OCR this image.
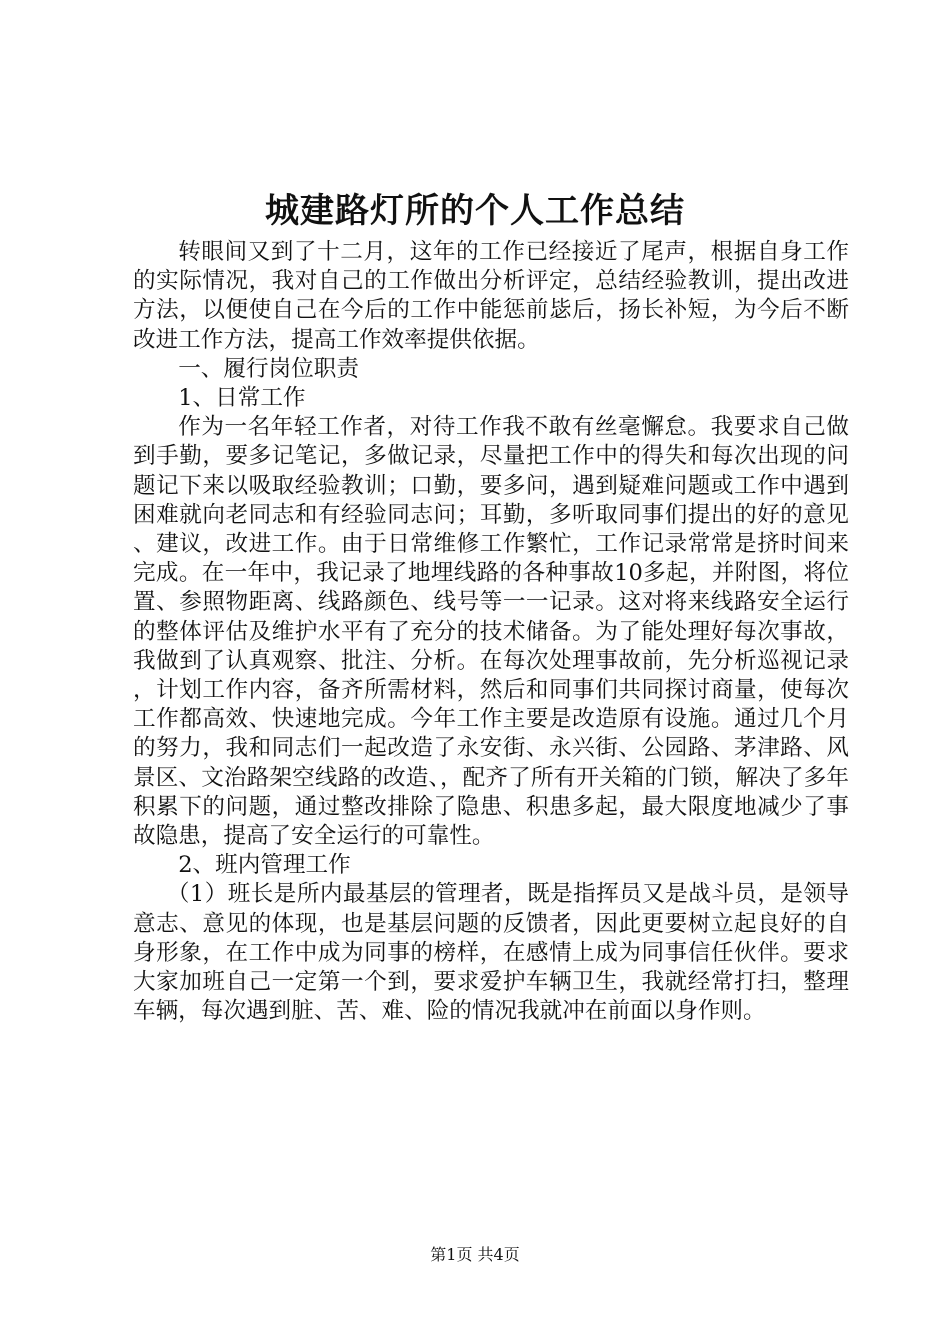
城建路灯所的个人工作总结

转眼间又到了十二月，这年的工作已经接近了尾声，根据自身工作的实际情况，我对自己的工作做出分析评定，总结经验教训，提出改进方法，以便使自己在今后的工作中能惩前毖后，扬长补短，为今后不断改进工作方法，提高工作效率提供依据。

一、履行岗位职责

1、日常工作

作为一名年轻工作者，对待工作我不敢有丝毫懈怠。我要求自己做到手勤，要多记笔记，多做记录，尽量把工作中的得失和每次出现的问题记下来以吸取经验教训；口勤，要多问，遇到疑难问题或工作中遇到困难就向老同志和有经验同志问；耳勤，多听取同事们提出的好的意见、建议，改进工作。由于日常维修工作繁忙，工作记录常常是挤时间来完成。在一年中，我记录了地埋线路的各种事故10多起，并附图，将位置、参照物距离、线路颜色、线号等一一记录。这对将来线路安全运行的整体评估及维护水平有了充分的技术储备。为了能处理好每次事故，我做到了认真观察、批注、分析。在每次处理事故前，先分析巡视记录，计划工作内容，备齐所需材料，然后和同事们共同探讨商量，使每次工作都高效、快速地完成。今年工作主要是改造原有设施。通过几个月的努力，我和同志们一起改造了永安街、永兴街、公园路、茅津路、风景区、文治路架空线路的改造、，配齐了所有开关箱的门锁，解决了多年积累下的问题，通过整改排除了隐患、积患多起，最大限度地减少了事故隐患，提高了安全运行的可靠性。

2、班内管理工作

（1）班长是所内最基层的管理者，既是指挥员又是战斗员，是领导意志、意见的体现，也是基层问题的反馈者，因此更要树立起良好的自身形象，在工作中成为同事的榜样，在感情上成为同事信任伙伴。要求大家加班自己一定第一个到，要求爱护车辆卫生，我就经常打扫，整理车辆，每次遇到脏、苦、难、险的情况我就冲在前面以身作则。

第1页 共4页
